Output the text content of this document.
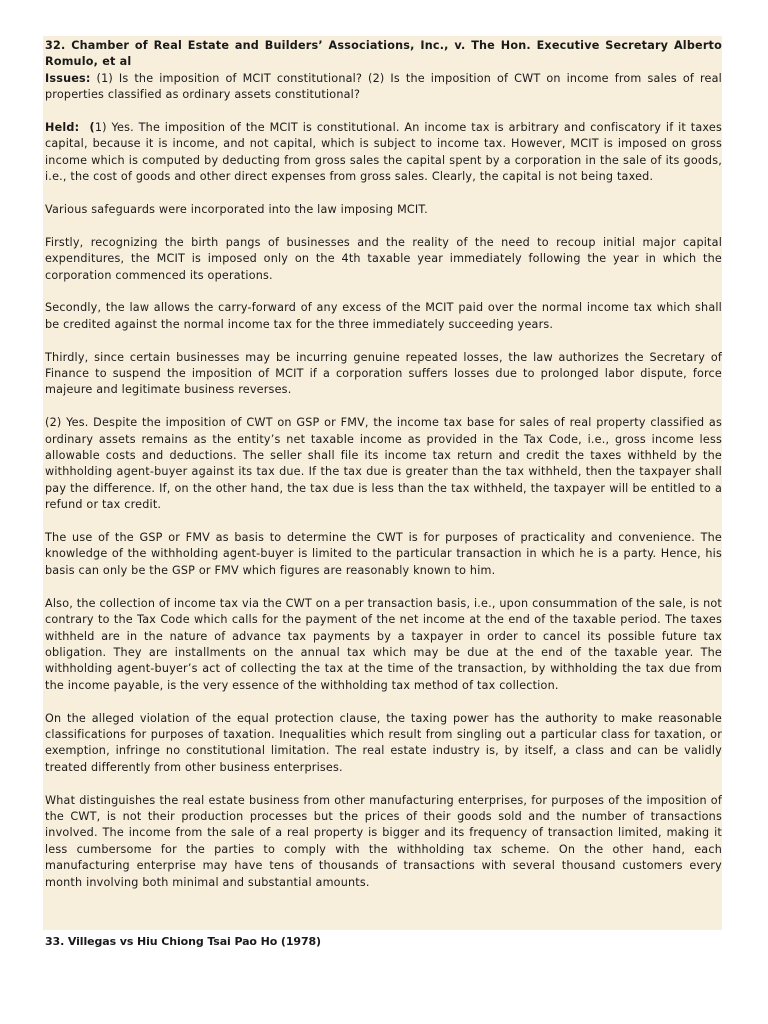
32. Chamber of Real Estate and Builders’ Associations, Inc., v. The Hon. Executive Secretary Alberto Romulo, et al

Issues: (1) Is the imposition of MCIT constitutional? (2) Is the imposition of CWT on income from sales of real properties classified as ordinary assets constitutional?

Held:  (1) Yes. The imposition of the MCIT is constitutional. An income tax is arbitrary and confiscatory if it taxes capital, because it is income, and not capital, which is subject to income tax. However, MCIT is imposed on gross income which is computed by deducting from gross sales the capital spent by a corporation in the sale of its goods, i.e., the cost of goods and other direct expenses from gross sales. Clearly, the capital is not being taxed.

Various safeguards were incorporated into the law imposing MCIT.

Firstly, recognizing the birth pangs of businesses and the reality of the need to recoup initial major capital expenditures, the MCIT is imposed only on the 4th taxable year immediately following the year in which the corporation commenced its operations.

Secondly, the law allows the carry-forward of any excess of the MCIT paid over the normal income tax which shall be credited against the normal income tax for the three immediately succeeding years.

Thirdly, since certain businesses may be incurring genuine repeated losses, the law authorizes the Secretary of Finance to suspend the imposition of MCIT if a corporation suffers losses due to prolonged labor dispute, force majeure and legitimate business reverses.

(2) Yes. Despite the imposition of CWT on GSP or FMV, the income tax base for sales of real property classified as ordinary assets remains as the entity’s net taxable income as provided in the Tax Code, i.e., gross income less allowable costs and deductions. The seller shall file its income tax return and credit the taxes withheld by the withholding agent-buyer against its tax due. If the tax due is greater than the tax withheld, then the taxpayer shall pay the difference. If, on the other hand, the tax due is less than the tax withheld, the taxpayer will be entitled to a refund or tax credit.

The use of the GSP or FMV as basis to determine the CWT is for purposes of practicality and convenience. The knowledge of the withholding agent-buyer is limited to the particular transaction in which he is a party. Hence, his basis can only be the GSP or FMV which figures are reasonably known to him.

Also, the collection of income tax via the CWT on a per transaction basis, i.e., upon consummation of the sale, is not contrary to the Tax Code which calls for the payment of the net income at the end of the taxable period. The taxes withheld are in the nature of advance tax payments by a taxpayer in order to cancel its possible future tax obligation. They are installments on the annual tax which may be due at the end of the taxable year. The withholding agent-buyer’s act of collecting the tax at the time of the transaction, by withholding the tax due from the income payable, is the very essence of the withholding tax method of tax collection.

On the alleged violation of the equal protection clause, the taxing power has the authority to make reasonable classifications for purposes of taxation. Inequalities which result from singling out a particular class for taxation, or exemption, infringe no constitutional limitation. The real estate industry is, by itself, a class and can be validly treated differently from other business enterprises.

What distinguishes the real estate business from other manufacturing enterprises, for purposes of the imposition of the CWT, is not their production processes but the prices of their goods sold and the number of transactions involved. The income from the sale of a real property is bigger and its frequency of transaction limited, making it less cumbersome for the parties to comply with the withholding tax scheme. On the other hand, each manufacturing enterprise may have tens of thousands of transactions with several thousand customers every month involving both minimal and substantial amounts.

33. Villegas vs Hiu Chiong Tsai Pao Ho (1978)
